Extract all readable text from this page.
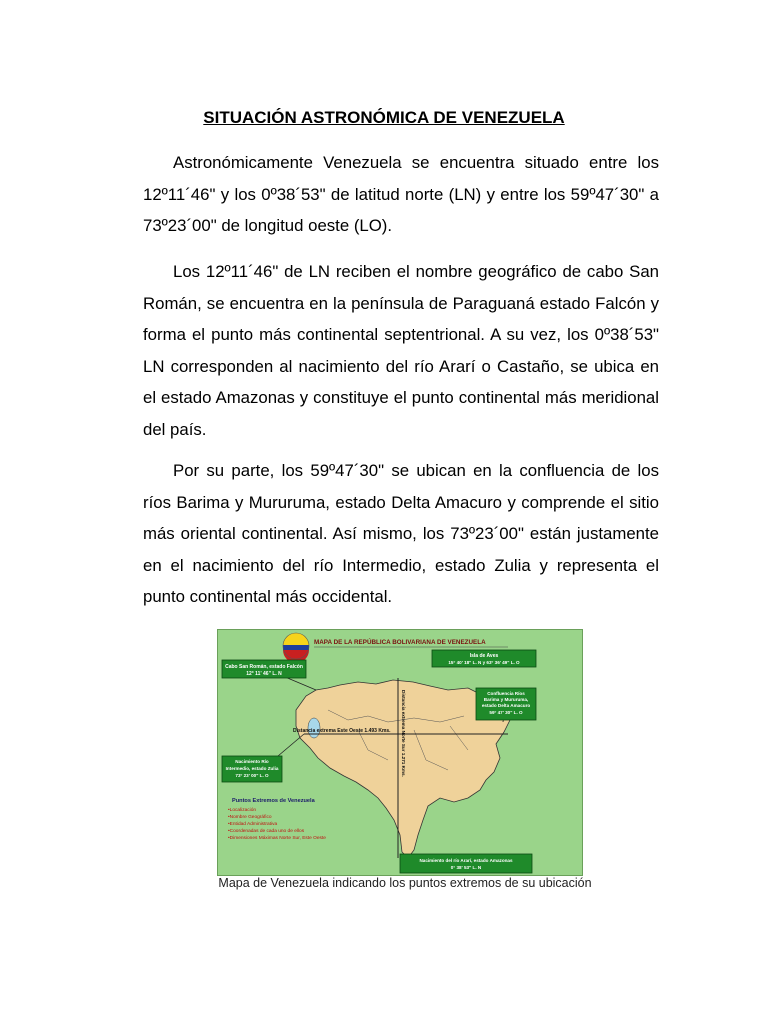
SITUACIÓN ASTRONÓMICA DE VENEZUELA

Astronómicamente Venezuela se encuentra situado entre los 12º11´46" y los 0º38´53" de latitud norte (LN) y entre los 59º47´30" a 73º23´00" de longitud oeste (LO).

Los 12º11´46" de LN reciben el nombre geográfico de cabo San Román, se encuentra en la península de Paraguaná estado Falcón y forma el punto más continental septentrional. A su vez, los 0º38´53" LN corresponden al nacimiento del río Ararí o Castaño, se ubica en el estado Amazonas y constituye el punto continental más meridional del país.

Por su parte, los 59º47´30" se ubican en la confluencia de los ríos Barima y Mururuma, estado Delta Amacuro y comprende el sitio más oriental continental. Así mismo, los 73º23´00" están justamente en el nacimiento del río Intermedio, estado Zulia y representa el punto continental más occidental.

MAPA DE LA REPÚBLICA BOLIVARIANA DE VENEZUELA
Distancia extrema Este Oeste 1.493 Kms. Distancia extrema Norte Sur 1.271 Kms.
Cabo San Román, estado Falcón
12° 11' 46" L. N
Isla de Aves
15° 40' 18" L. N y 63° 36' 49" L. O
Confluencia Ríos
Barima y Mururuma,
estado Delta Amacuro
59° 47' 30" L. O
Nacimiento Río
Intermedio, estado Zulia
73° 23' 00" L. O
Nacimiento del río Ararí, estado Amazonas
0° 38' 53" L. N
Puntos Extremos de Venezuela
•Localización
•Nombre Geográfico
•Entidad Administrativa
•Coordenadas de cada uno de ellos
•Dimensiones Máximas Norte Sur, Este Oeste
Mapa de Venezuela indicando los puntos extremos de su ubicación
